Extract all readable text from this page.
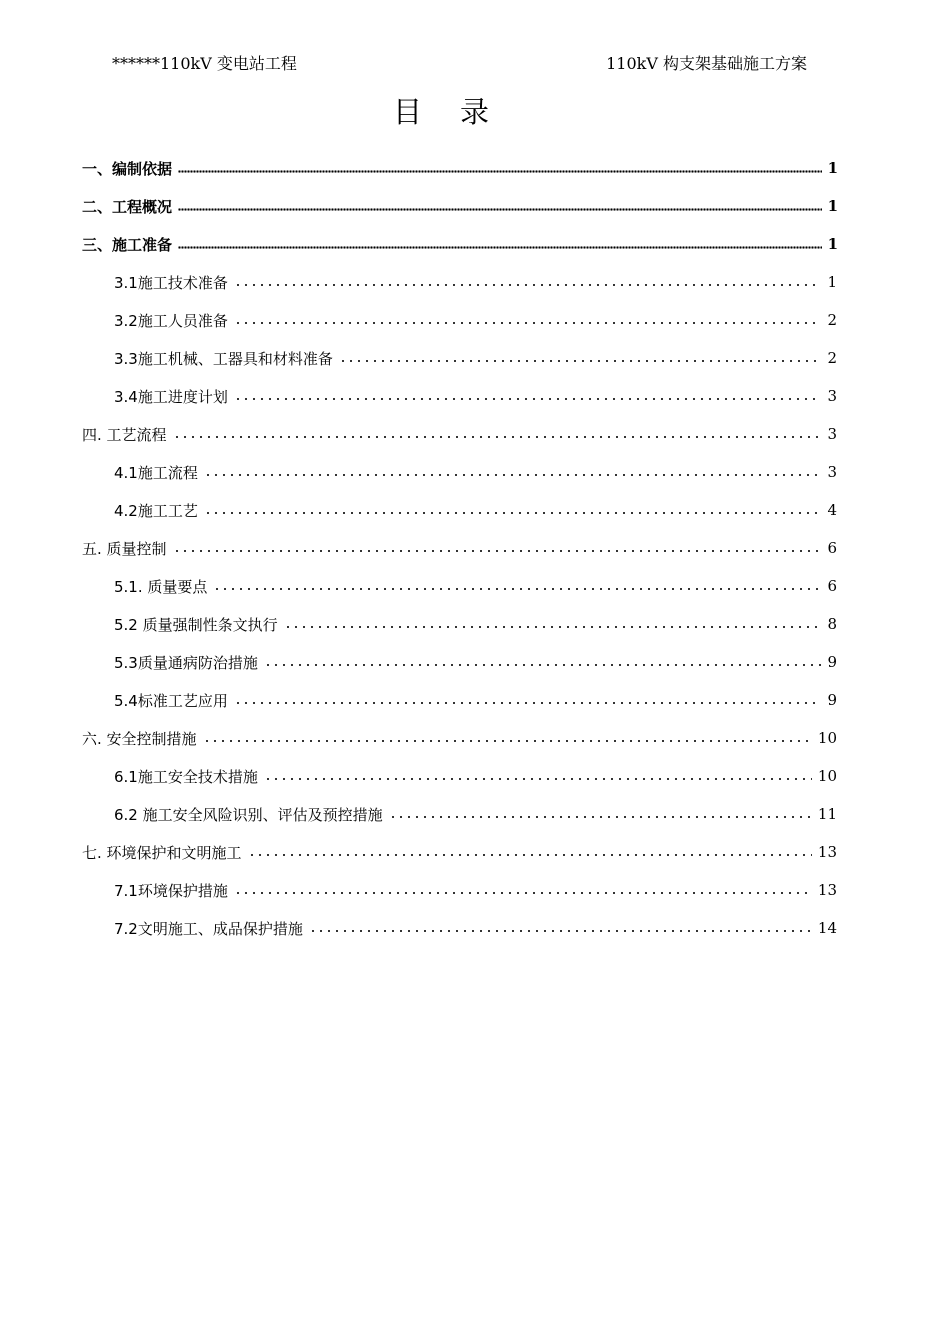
******110kV 变电站工程	110kV 构支架基础施工方案
目录
一、编制依据	1
二、工程概况	1
三、施工准备	1
3.1施工技术准备	1
3.2施工人员准备	2
3.3施工机械、工器具和材料准备	2
3.4施工进度计划	3
四. 工艺流程	3
4.1施工流程	3
4.2施工工艺	4
五. 质量控制	6
5.1. 质量要点	6
5.2 质量强制性条文执行	8
5.3质量通病防治措施	9
5.4标准工艺应用	9
六. 安全控制措施	10
6.1施工安全技术措施	10
6.2 施工安全风险识别、评估及预控措施	11
七. 环境保护和文明施工	13
7.1环境保护措施	13
7.2文明施工、成品保护措施	14
